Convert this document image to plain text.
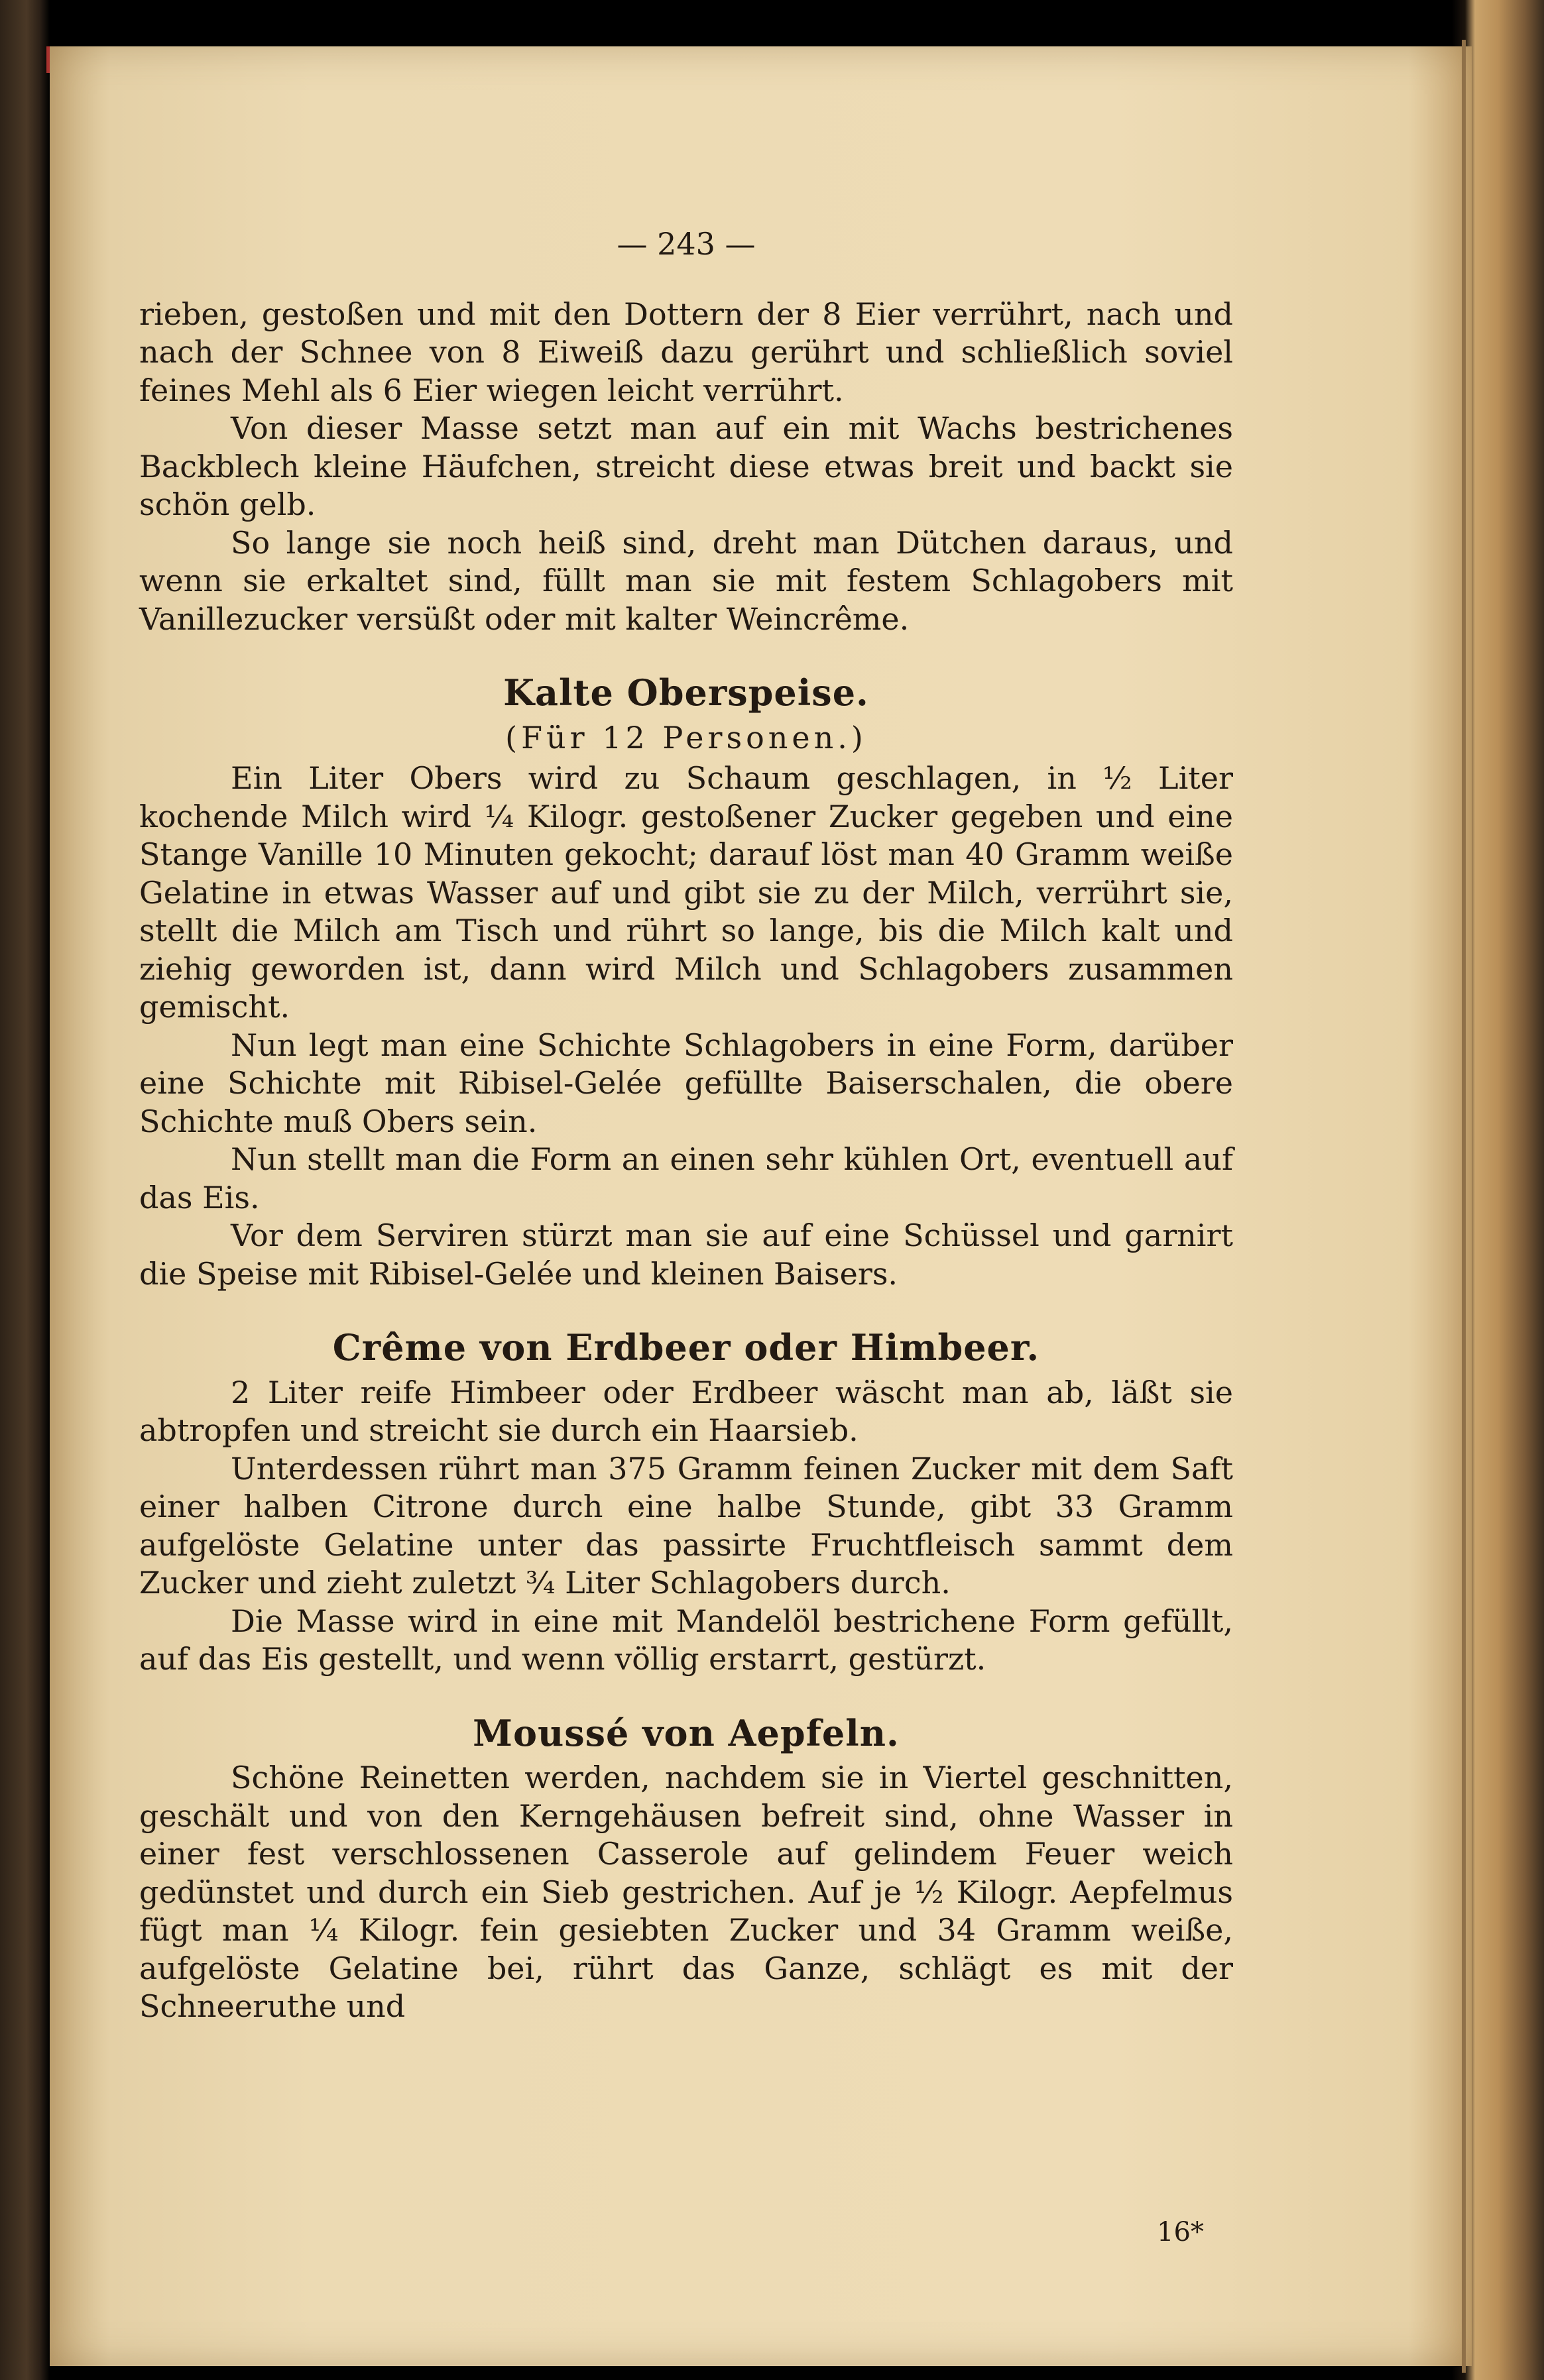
— 243 —

rieben, gestoßen und mit den Dottern der 8 Eier verrührt, nach und nach der Schnee von 8 Eiweiß dazu gerührt und schließlich soviel feines Mehl als 6 Eier wiegen leicht verrührt.

Von dieser Masse setzt man auf ein mit Wachs bestrichenes Backblech kleine Häufchen, streicht diese etwas breit und backt sie schön gelb.

So lange sie noch heiß sind, dreht man Dütchen daraus, und wenn sie erkaltet sind, füllt man sie mit festem Schlagobers mit Vanillezucker versüßt oder mit kalter Weincrême.

Kalte Oberspeise.
(Für 12 Personen.)

Ein Liter Obers wird zu Schaum geschlagen, in ½ Liter kochende Milch wird ¼ Kilogr. gestoßener Zucker gegeben und eine Stange Vanille 10 Minuten gekocht; darauf löst man 40 Gramm weiße Gelatine in etwas Wasser auf und gibt sie zu der Milch, verrührt sie, stellt die Milch am Tisch und rührt so lange, bis die Milch kalt und ziehig geworden ist, dann wird Milch und Schlagobers zusammen gemischt.

Nun legt man eine Schichte Schlagobers in eine Form, darüber eine Schichte mit Ribisel-Gelée gefüllte Baiserschalen, die obere Schichte muß Obers sein.

Nun stellt man die Form an einen sehr kühlen Ort, eventuell auf das Eis.

Vor dem Serviren stürzt man sie auf eine Schüssel und garnirt die Speise mit Ribisel-Gelée und kleinen Baisers.

Crême von Erdbeer oder Himbeer.

2 Liter reife Himbeer oder Erdbeer wäscht man ab, läßt sie abtropfen und streicht sie durch ein Haarsieb.

Unterdessen rührt man 375 Gramm feinen Zucker mit dem Saft einer halben Citrone durch eine halbe Stunde, gibt 33 Gramm aufgelöste Gelatine unter das passirte Fruchtfleisch sammt dem Zucker und zieht zuletzt ¾ Liter Schlagobers durch.

Die Masse wird in eine mit Mandelöl bestrichene Form gefüllt, auf das Eis gestellt, und wenn völlig erstarrt, gestürzt.

Moussé von Aepfeln.

Schöne Reinetten werden, nachdem sie in Viertel geschnitten, geschält und von den Kerngehäusen befreit sind, ohne Wasser in einer fest verschlossenen Casserole auf gelindem Feuer weich gedünstet und durch ein Sieb gestrichen. Auf je ½ Kilogr. Aepfelmus fügt man ¼ Kilogr. fein gesiebten Zucker und 34 Gramm weiße, aufgelöste Gelatine bei, rührt das Ganze, schlägt es mit der Schneeruthe und

16*
